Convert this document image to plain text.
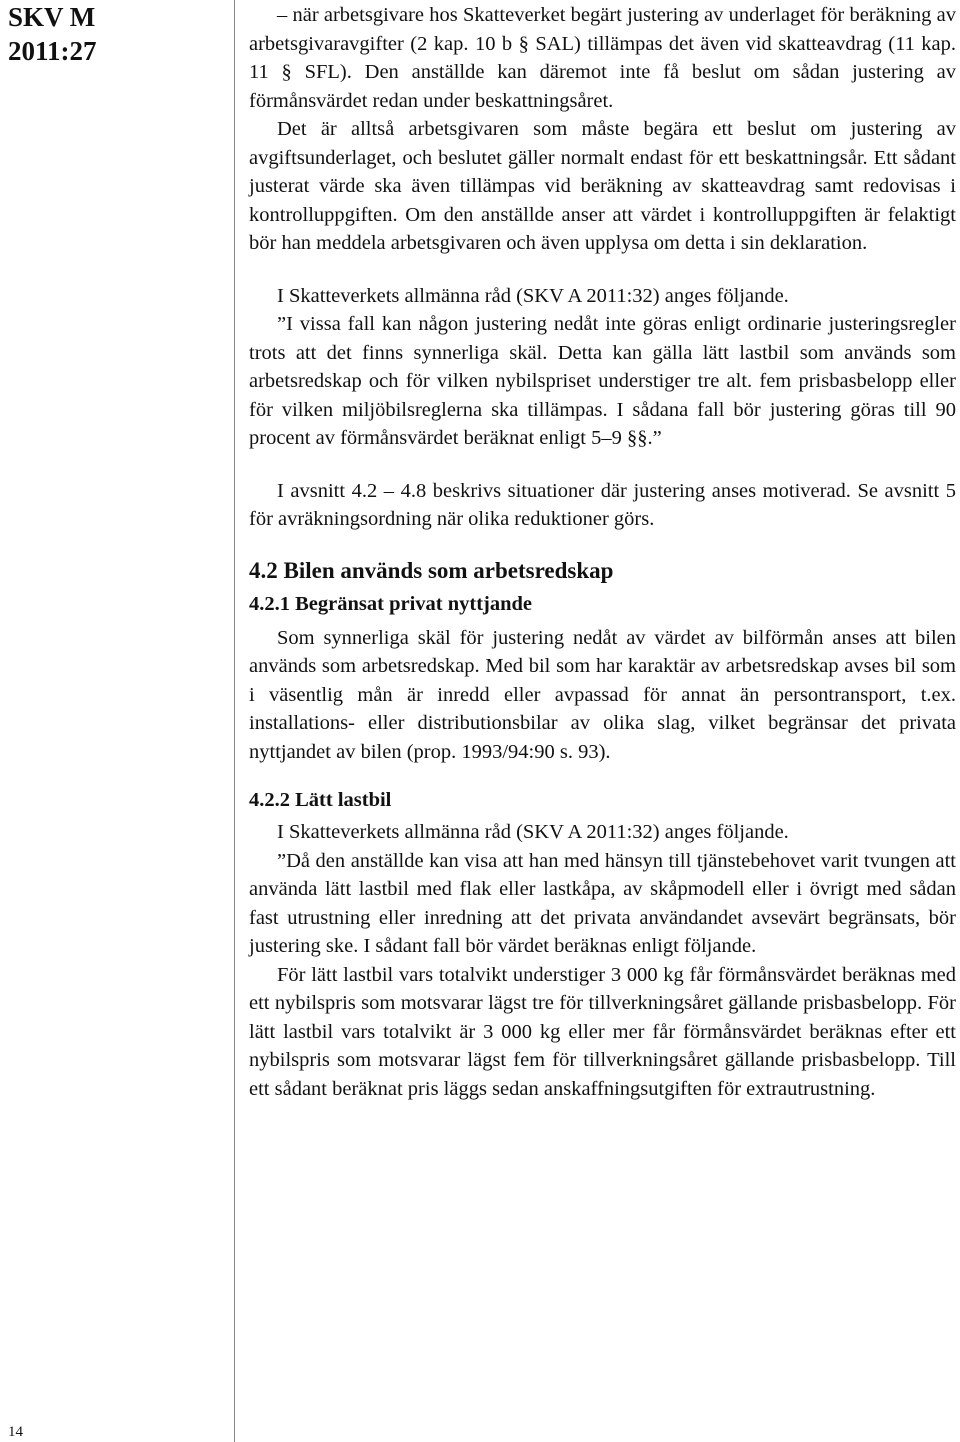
SKV M
2011:27
14

– när arbetsgivare hos Skatteverket begärt justering av underlaget för beräkning av arbetsgivaravgifter (2 kap. 10 b § SAL) tillämpas det även vid skatteavdrag (11 kap. 11 § SFL). Den anställde kan däremot inte få beslut om sådan justering av förmånsvärdet redan under beskattningsåret.

Det är alltså arbetsgivaren som måste begära ett beslut om justering av avgiftsunderlaget, och beslutet gäller normalt endast för ett beskattningsår. Ett sådant justerat värde ska även tillämpas vid beräkning av skatteavdrag samt redovisas i kontrolluppgiften. Om den anställde anser att värdet i kontrolluppgiften är felaktigt bör han meddela arbetsgivaren och även upplysa om detta i sin deklaration.

I Skatteverkets allmänna råd (SKV A 2011:32) anges följande.

”I vissa fall kan någon justering nedåt inte göras enligt ordinarie justeringsregler trots att det finns synnerliga skäl. Detta kan gälla lätt lastbil som används som arbetsredskap och för vilken nybilspriset understiger tre alt. fem prisbasbelopp eller för vilken miljöbilsreglerna ska tillämpas. I sådana fall bör justering göras till 90 procent av förmånsvärdet beräknat enligt 5–9 §§.”

I avsnitt 4.2 – 4.8 beskrivs situationer där justering anses motiverad. Se avsnitt 5 för avräkningsordning när olika reduktioner görs.

4.2 Bilen används som arbetsredskap

4.2.1 Begränsat privat nyttjande

Som synnerliga skäl för justering nedåt av värdet av bilförmån anses att bilen används som arbetsredskap. Med bil som har karaktär av arbetsredskap avses bil som i väsentlig mån är inredd eller avpassad för annat än persontransport, t.ex. installations- eller distributionsbilar av olika slag, vilket begränsar det privata nyttjandet av bilen (prop. 1993/94:90 s. 93).

4.2.2 Lätt lastbil

I Skatteverkets allmänna råd (SKV A 2011:32) anges följande.

”Då den anställde kan visa att han med hänsyn till tjänstebehovet varit tvungen att använda lätt lastbil med flak eller lastkåpa, av skåpmodell eller i övrigt med sådan fast utrustning eller inredning att det privata användandet avsevärt begränsats, bör justering ske. I sådant fall bör värdet beräknas enligt följande.

För lätt lastbil vars totalvikt understiger 3 000 kg får förmånsvärdet beräknas med ett nybilspris som motsvarar lägst tre för tillverkningsåret gällande prisbasbelopp. För lätt lastbil vars totalvikt är 3 000 kg eller mer får förmånsvärdet beräknas efter ett nybilspris som motsvarar lägst fem för tillverkningsåret gällande prisbasbelopp. Till ett sådant beräknat pris läggs sedan anskaffningsutgiften för extrautrustning.
